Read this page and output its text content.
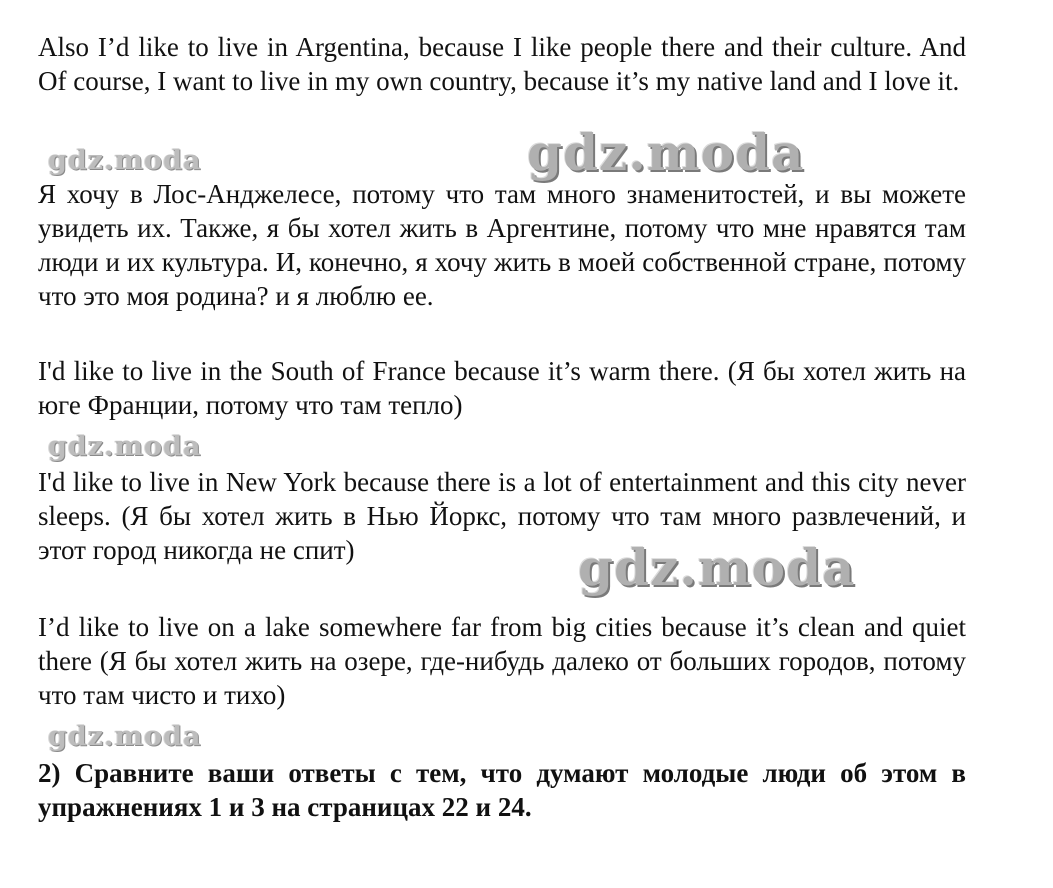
gdz.moda	gdz.moda
gdz.moda
gdz.moda
gdz.moda

Also I’d like to live in Argentina, because I like people there and their culture. And Of course, I want to live in my own country, because it’s my native land and I love it.

Я хочу в Лос-Анджелесе, потому что там много знаменитостей, и вы можете увидеть их. Также, я бы хотел жить в Аргентине, потому что мне нравятся там люди и их культура. И, конечно, я хочу жить в моей собственной стране, потому что это моя родина? и я люблю ее.

I'd like to live in the South of France because it’s warm there. (Я бы хотел жить на юге Франции, потому что там тепло)

I'd like to live in New York because there is a lot of entertainment and this city never sleeps. (Я бы хотел жить в Нью Йоркс, потому что там много развлечений, и этот город никогда не спит)

I’d like to live on a lake somewhere far from big cities because it’s clean and quiet there (Я бы хотел жить на озере, где-нибудь далеко от больших городов, потому что там чисто и тихо)

2) Сравните ваши ответы с тем, что думают молодые люди об этом в упражнениях 1 и 3 на страницах 22 и 24.
